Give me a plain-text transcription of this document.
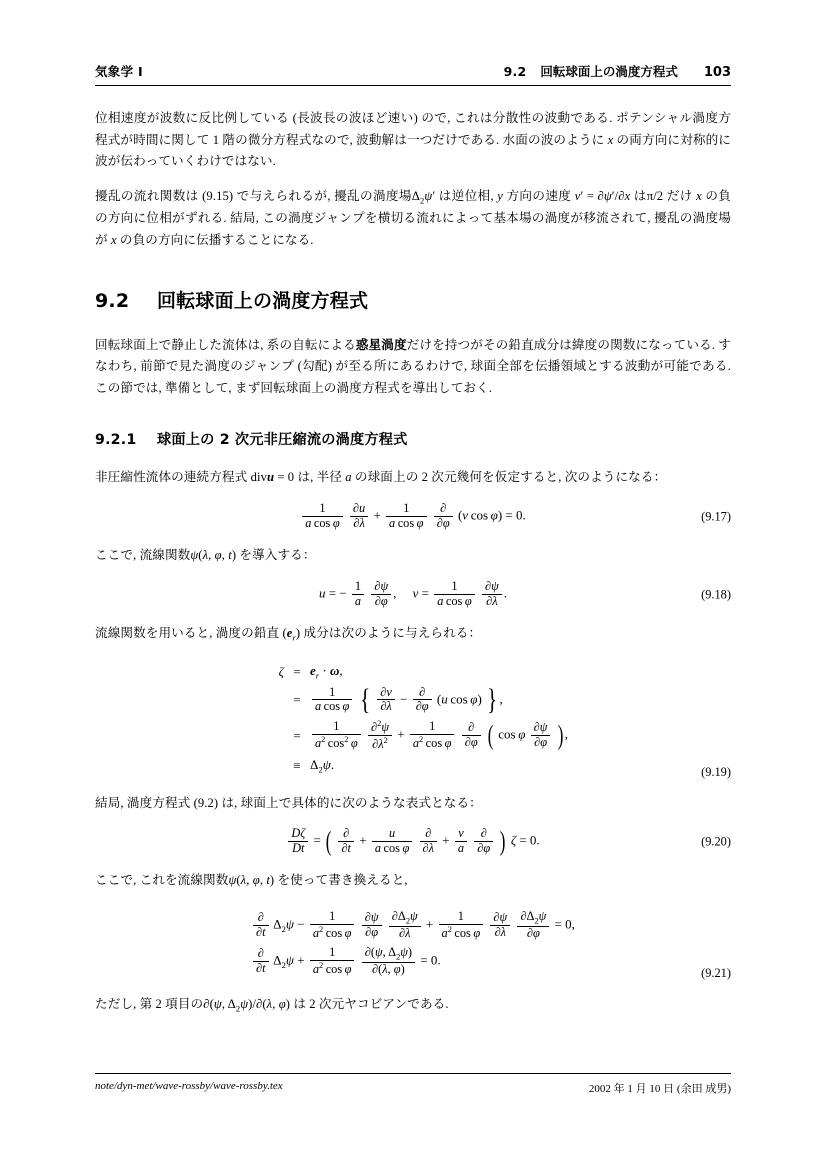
気象学 I	9.2 回転球面上の渦度方程式 103

位相速度が波数に反比例している (長波長の波ほど速い) ので, これは分散性の波動である. ポテンシャル渦度方程式が時間に関して 1 階の微分方程式なので, 波動解は一つだけである. 水面の波のように x の両方向に対称的に波が伝わっていくわけではない.

擾乱の流れ関数は (9.15) で与えられるが, 擾乱の渦度場$\Delta_2\psi'$ は逆位相, y 方向の速度 v′ = ∂ψ′/∂x はπ/2 だけ x の負の方向に位相がずれる. 結局, この渦度ジャンプを横切る流れによって基本場の渦度が移流されて, 擾乱の渦度場が x の負の方向に伝播することになる.

9.2 回転球面上の渦度方程式

回転球面上で静止した流体は, 系の自転による惑星渦度だけを持つがその鉛直成分は緯度の関数になっている. すなわち, 前節で見た渦度のジャンプ (勾配) が至る所にあるわけで, 球面全部を伝播領域とする波動が可能である. この節では, 準備として, まず回転球面上の渦度方程式を導出しておく.

9.2.1 球面上の 2 次元非圧縮流の渦度方程式

非圧縮性流体の連続方程式 divu = 0 は, 半径 a の球面上の 2 次元幾何を仮定すると, 次のようになる：

$\frac{1}{\text{a  cos  φ}}$
$\frac{\partial u}{\partial\lambda} + \frac{1}{\text{a  cos  φ}}$
$\frac{\partial}{\partial\varphi} (v$  cos  φ) = 0.	(9.17)

ここで, 流線関数ψ(λ, φ, t) を導入する：

u = − $\frac{1}{a}$
$\frac{\partial\psi}{\partial\varphi}$ ,     $v = \frac{1}{\text{a  cos  φ}}$
$\frac{\partial\psi}{\partial\lambda}$ .	(9.18)

流線関数を用いると, 渦度の鉛直 $(e_r)$ 成分は次のように与えられる：

$\zeta = e_r \cdot \omega$,
= $\frac{1}{\text{a  cos  φ}}$ { $\frac{\partial v}{\partial\lambda} - \frac{\partial}{\partial\varphi} (u$  cos  φ) } ,
= $\frac{1}{a^2 \cos^2 \varphi}$
$\frac{\partial^2\psi}{\partial\lambda^2} + \frac{1}{a^2 \cos \varphi}$
$\frac{\partial}{\partial\varphi}$ ( cos  φ $\frac{\partial\psi}{\partial\varphi}$ ) ,
≡ $\Delta_2\psi$.	(9.19)

結局, 渦度方程式 (9.2) は, 球面上で具体的に次のような表式となる：

$\frac{D\zeta}{Dt}$ = ( $\frac{\partial}{\partial t} + \frac{u}{\text{a  cos  φ}}$
$\frac{\partial}{\partial\lambda} + \frac{v}{a}$
$\frac{\partial}{\partial\varphi}$ ) ζ = 0.	(9.20)

ここで, これを流線関数ψ(λ, φ, t) を使って書き換えると,

$\frac{\partial}{\partial t} \Delta_2\psi - \frac{1}{a^2 \cos \varphi}$
$\frac{\partial\psi}{\partial\varphi}$
$\frac{\partial\Delta_2\psi}{\partial\lambda} + \frac{1}{a^2 \cos \varphi}$
$\frac{\partial\psi}{\partial\lambda}$
$\frac{\partial\Delta_2\psi}{\partial\varphi} = 0$,
$\frac{\partial}{\partial t} \Delta_2\psi + \frac{1}{a^2 \cos \varphi}$
$\frac{\partial(\psi, \Delta_2\psi)}{\partial(\lambda, \varphi)} = 0$.
(9.21)

ただし, 第 2 項目の∂(ψ, $\Delta_2\psi)/\partial(\lambda$, φ) は 2 次元ヤコビアンである.

note/dyn-met/wave-rossby/wave-rossby.tex	2002 年 1 月 10 日 (余田 成男)
